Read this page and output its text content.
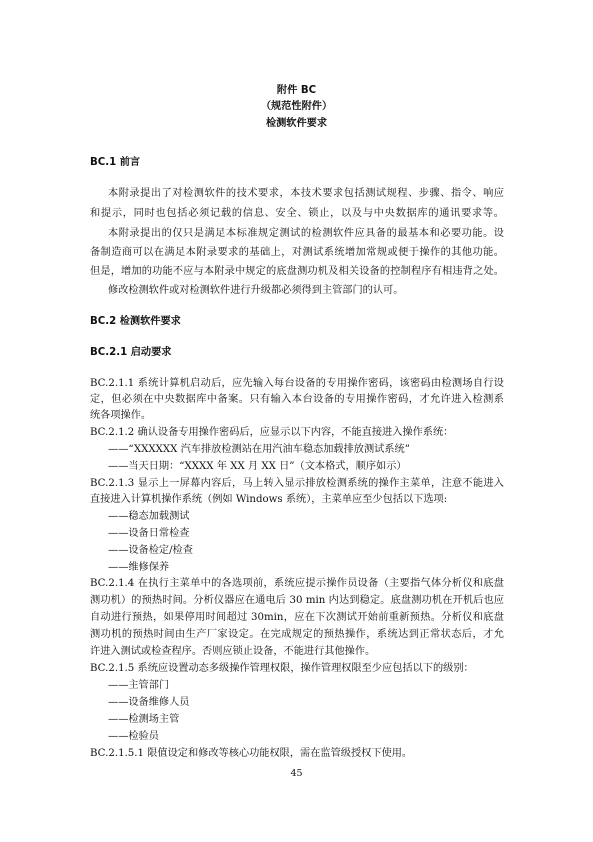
附件 BC
（规范性附件）
检测软件要求
BC.1 前言
本附录提出了对检测软件的技术要求，本技术要求包括测试规程、步骤、指令、响应
和提示，同时也包括必须记载的信息、安全、锁止，以及与中央数据库的通讯要求等。
本附录提出的仅只是满足本标准规定测试的检测软件应具备的最基本和必要功能。设
备制造商可以在满足本附录要求的基础上，对测试系统增加常规或便于操作的其他功能。
但是，增加的功能不应与本附录中规定的底盘测功机及相关设备的控制程序有相违背之处。
修改检测软件或对检测软件进行升级都必须得到主管部门的认可。
BC.2 检测软件要求
BC.2.1 启动要求
BC.2.1.1 系统计算机启动后，应先输入每台设备的专用操作密码，该密码由检测场自行设
定，但必须在中央数据库中备案。只有输入本台设备的专用操作密码，才允许进入检测系
统各项操作。
BC.2.1.2 确认设备专用操作密码后，应显示以下内容，不能直接进入操作系统：
——“XXXXXX 汽车排放检测站在用汽油车稳态加载排放测试系统”
——当天日期：“XXXX 年 XX 月 XX 日”（文本格式，顺序如示）
BC.2.1.3 显示上一屏幕内容后，马上转入显示排放检测系统的操作主菜单，注意不能进入
直接进入计算机操作系统（例如 Windows 系统），主菜单应至少包括以下选项:
——稳态加载测试
——设备日常检查
——设备检定/检查
——维修保养
BC.2.1.4 在执行主菜单中的各选项前，系统应提示操作员设备（主要指气体分析仪和底盘
测功机）的预热时间。分析仪器应在通电后 30 min 内达到稳定。底盘测功机在开机后也应
自动进行预热，如果停用时间超过 30min，应在下次测试开始前重新预热。分析仪和底盘
测功机的预热时间由生产厂家设定。在完成规定的预热操作，系统达到正常状态后，才允
许进入测试或检查程序。否则应锁止设备，不能进行其他操作。
BC.2.1.5 系统应设置动态多级操作管理权限，操作管理权限至少应包括以下的级别：
——主管部门
——设备维修人员
——检测场主管
——检验员
BC.2.1.5.1 限值设定和修改等核心功能权限，需在监管级授权下使用。
45
